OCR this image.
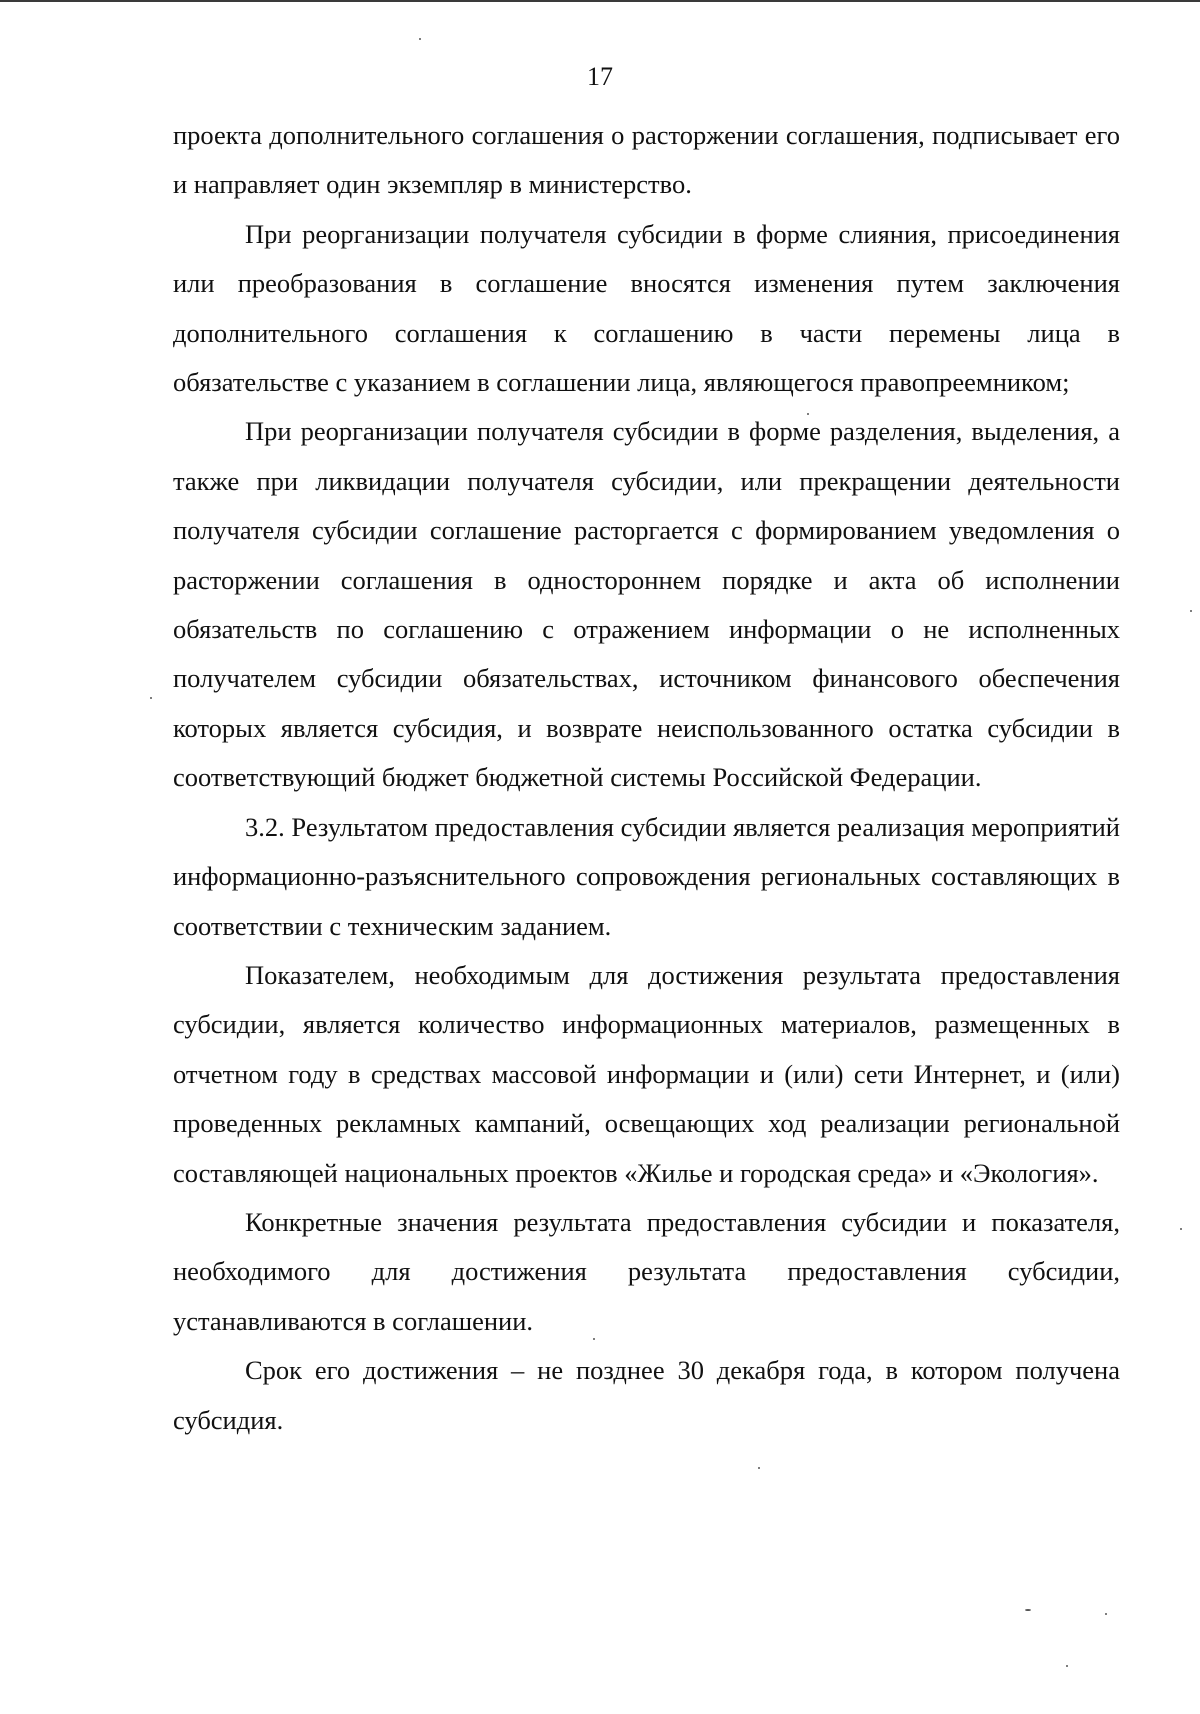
17

проекта дополнительного соглашения о расторжении соглашения, подписывает его и направляет один экземпляр в министерство.

При реорганизации получателя субсидии в форме слияния, присоединения или преобразования в соглашение вносятся изменения путем заключения дополнительного соглашения к соглашению в части перемены лица в обязательстве с указанием в соглашении лица, являющегося правопреемником;

При реорганизации получателя субсидии в форме разделения, выделения, а также при ликвидации получателя субсидии, или прекращении деятельности получателя субсидии соглашение расторгается с формированием уведомления о расторжении соглашения в одностороннем порядке и акта об исполнении обязательств по соглашению с отражением информации о не исполненных получателем субсидии обязательствах, источником финансового обеспечения которых является субсидия, и возврате неиспользованного остатка субсидии в соответствующий бюджет бюджетной системы Российской Федерации.

3.2. Результатом предоставления субсидии является реализация мероприятий информационно-разъяснительного сопровождения региональных составляющих в соответствии с техническим заданием.

Показателем, необходимым для достижения результата предоставления субсидии, является количество информационных материалов, размещенных в отчетном году в средствах массовой информации и (или) сети Интернет, и (или) проведенных рекламных кампаний, освещающих ход реализации региональной составляющей национальных проектов «Жилье и городская среда» и «Экология».

Конкретные значения результата предоставления субсидии и показателя, необходимого для достижения результата предоставления субсидии, устанавливаются в соглашении.

Срок его достижения – не позднее 30 декабря года, в котором получена субсидия.
